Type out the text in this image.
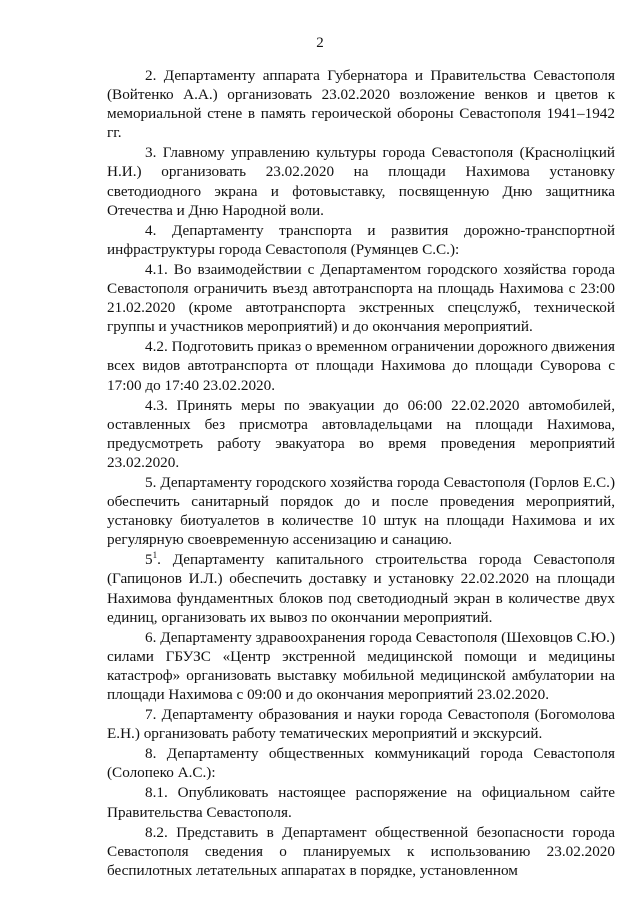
2

2. Департаменту аппарата Губернатора и Правительства Севастополя (Войтенко А.А.) организовать 23.02.2020 возложение венков и цветов к мемориальной стене в память героической обороны Севастополя 1941–1942 гг.

3. Главному управлению культуры города Севастополя (Красноліцкий Н.И.) организовать 23.02.2020 на площади Нахимова установку светодиодного экрана и фотовыставку, посвященную Дню защитника Отечества и Дню Народной воли.

4. Департаменту транспорта и развития дорожно-транспортной инфраструктуры города Севастополя (Румянцев С.С.):

4.1. Во взаимодействии с Департаментом городского хозяйства города Севастополя ограничить въезд автотранспорта на площадь Нахимова с 23:00 21.02.2020 (кроме автотранспорта экстренных спецслужб, технической группы и участников мероприятий) и до окончания мероприятий.

4.2. Подготовить приказ о временном ограничении дорожного движения всех видов автотранспорта от площади Нахимова до площади Суворова с 17:00 до 17:40 23.02.2020.

4.3. Принять меры по эвакуации до 06:00 22.02.2020 автомобилей, оставленных без присмотра автовладельцами на площади Нахимова, предусмотреть работу эвакуатора во время проведения мероприятий 23.02.2020.

5. Департаменту городского хозяйства города Севастополя (Горлов Е.С.) обеспечить санитарный порядок до и после проведения мероприятий, установку биотуалетов в количестве 10 штук на площади Нахимова и их регулярную своевременную ассенизацию и санацию.

$5^1$. Департаменту капитального строительства города Севастополя (Гапицонов И.Л.) обеспечить доставку и установку 22.02.2020 на площади Нахимова фундаментных блоков под светодиодный экран в количестве двух единиц, организовать их вывоз по окончании мероприятий.

6. Департаменту здравоохранения города Севастополя (Шеховцов С.Ю.) силами ГБУЗС «Центр экстренной медицинской помощи и медицины катастроф» организовать выставку мобильной медицинской амбулатории на площади Нахимова с 09:00 и до окончания мероприятий 23.02.2020.

7. Департаменту образования и науки города Севастополя (Богомолова Е.Н.) организовать работу тематических мероприятий и экскурсий.

8. Департаменту общественных коммуникаций города Севастополя (Солопеко А.С.):

8.1. Опубликовать настоящее распоряжение на официальном сайте Правительства Севастополя.

8.2. Представить в Департамент общественной безопасности города Севастополя сведения о планируемых к использованию 23.02.2020 беспилотных летательных аппаратах в порядке, установленном
